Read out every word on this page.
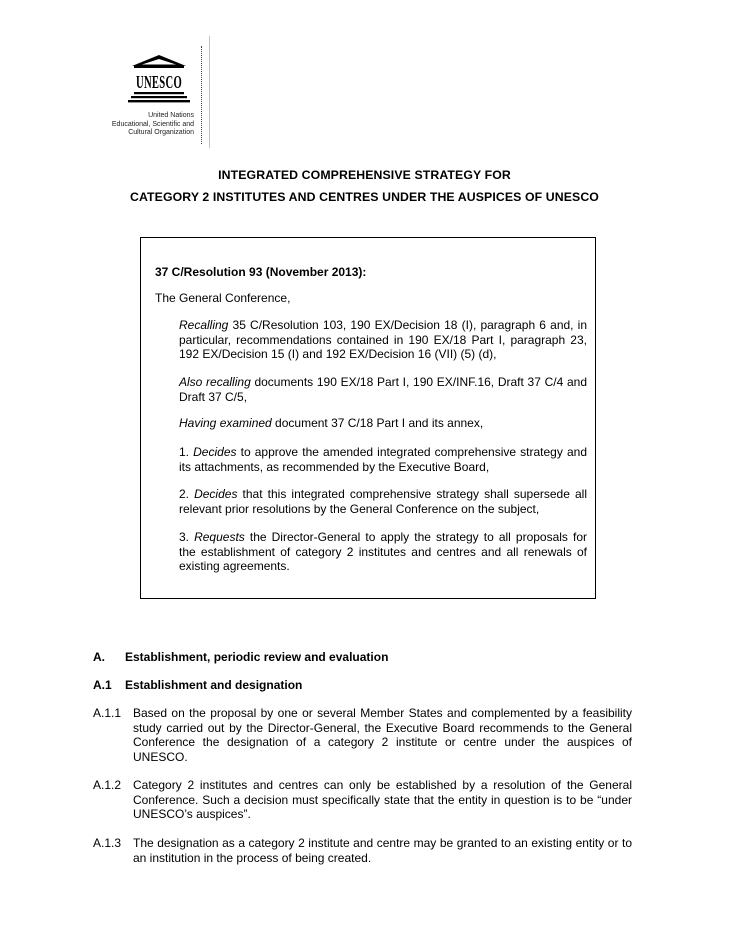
UNESCO
United Nations
Educational, Scientific and
Cultural Organization
INTEGRATED COMPREHENSIVE STRATEGY FOR
CATEGORY 2 INSTITUTES AND CENTRES UNDER THE AUSPICES OF UNESCO
37 C/Resolution 93 (November 2013):
The General Conference,
Recalling 35 C/Resolution 103, 190 EX/Decision 18 (I), paragraph 6 and, in particular, recommendations contained in 190 EX/18 Part I, paragraph 23, 192 EX/Decision 15 (I) and 192 EX/Decision 16 (VII) (5) (d),
Also recalling documents 190 EX/18 Part I, 190 EX/INF.16, Draft 37 C/4 and Draft 37 C/5,
Having examined document 37 C/18 Part I and its annex,
1. Decides to approve the amended integrated comprehensive strategy and its attachments, as recommended by the Executive Board,
2. Decides that this integrated comprehensive strategy shall supersede all relevant prior resolutions by the General Conference on the subject,
3. Requests the Director-General to apply the strategy to all proposals for the establishment of category 2 institutes and centres and all renewals of existing agreements.
A. Establishment, periodic review and evaluation
A.1 Establishment and designation
A.1.1 Based on the proposal by one or several Member States and complemented by a feasibility study carried out by the Director-General, the Executive Board recommends to the General Conference the designation of a category 2 institute or centre under the auspices of UNESCO.
A.1.2 Category 2 institutes and centres can only be established by a resolution of the General Conference. Such a decision must specifically state that the entity in question is to be “under UNESCO’s auspices”.
A.1.3 The designation as a category 2 institute and centre may be granted to an existing entity or to an institution in the process of being created.
